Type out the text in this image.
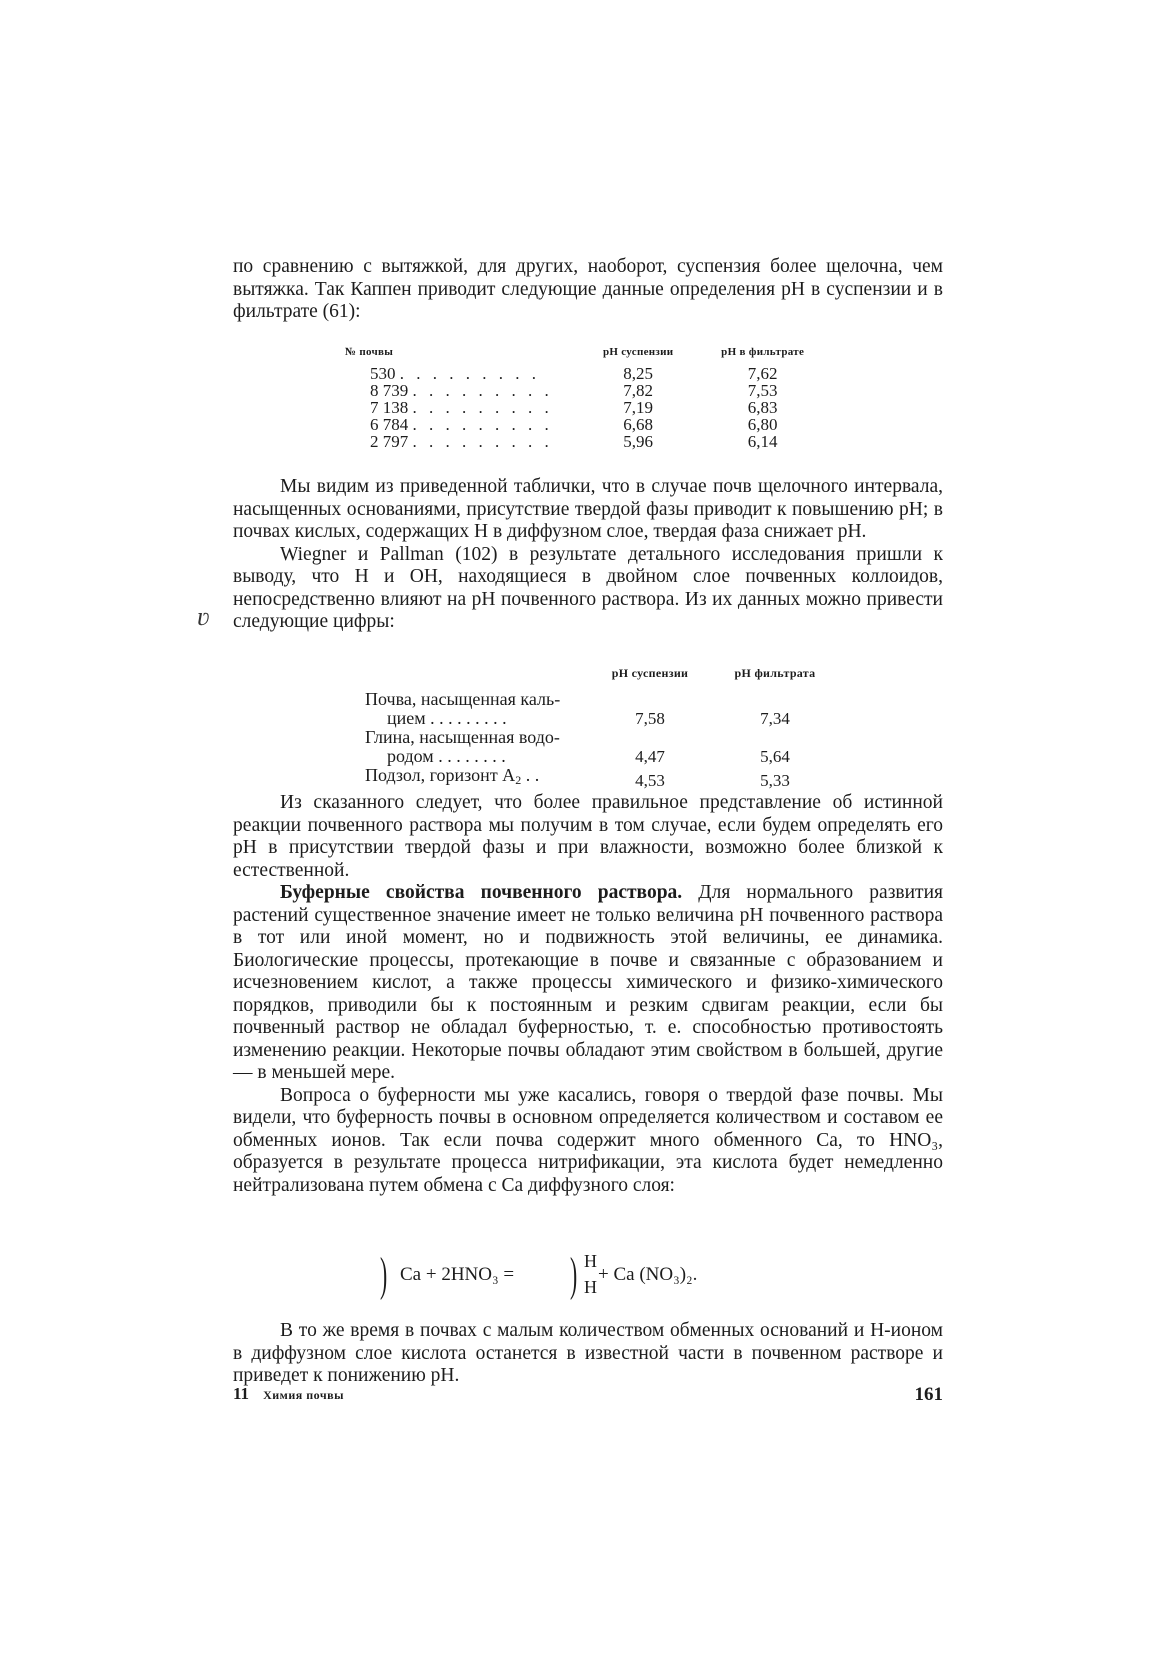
по сравнению с вытяжкой, для других, наоборот, суспензия более щелочна, чем вытяжка. Так Каппен приводит следующие данные определения pH в суспензии и в фильтрате (61):

№ почвы	pH суспензии	pH в фильтрате
530 . . . . . . . . .	8,25	7,62
8 739 . . . . . . . . .	7,82	7,53
7 138 . . . . . . . . .	7,19	6,83
6 784 . . . . . . . . .	6,68	6,80
2 797 . . . . . . . . .	5,96	6,14

Мы видим из приведенной таблички, что в случае почв щелочного интервала, насыщенных основаниями, присутствие твердой фазы приводит к повышению pH; в почвах кислых, содержащих H в диффузном слое, твердая фаза снижает pH.

Wiegner и Pallman (102) в результате детального исследования пришли к выводу, что H и OH, находящиеся в двойном слое почвенных коллоидов, непосредственно влияют на pH почвенного раствора. Из их данных можно привести следующие цифры:

ʋ
	pH суспензии	pH фильтрата

Почва, насыщенная каль-
цием . . . . . . . . .	7,58	7,34

Глина, насыщенная водо-
родом . . . . . . . .	4,47	5,64
Подзол, горизонт $A_2$ . .	4,53	5,33

Из сказанного следует, что более правильное представление об истинной реакции почвенного раствора мы получим в том случае, если будем определять его pH в присутствии твердой фазы и при влажности, возможно более близкой к естественной.

Буферные свойства почвенного раствора. Для нормального развития растений существенное значение имеет не только величина pH почвенного раствора в тот или иной момент, но и подвижность этой величины, ее динамика. Биологические процессы, протекающие в почве и связанные с образованием и исчезновением кислот, а также процессы химического и физико-химического порядков, приводили бы к постоянным и резким сдвигам реакции, если бы почвенный раствор не обладал буферностью, т. е. способностью противостоять изменению реакции. Некоторые почвы обладают этим свойством в большей, другие — в меньшей мере.

Вопроса о буферности мы уже касались, говоря о твердой фазе почвы. Мы видели, что буферность почвы в основном определяется количеством и составом ее обменных ионов. Так если почва содержит много обменного Ca, то HNO₃, образуется в результате процесса нитрификации, эта кислота будет немедленно нейтрализована путем обмена с Ca диффузного слоя:

) Ca + 2HNO₃ = ) H
H
+ Ca (NO₃)₂.

В то же время в почвах с малым количеством обменных оснований и H-ионом в диффузном слое кислота останется в известной части в почвенном растворе и приведет к понижению pH.

11 Химия почвы	161
